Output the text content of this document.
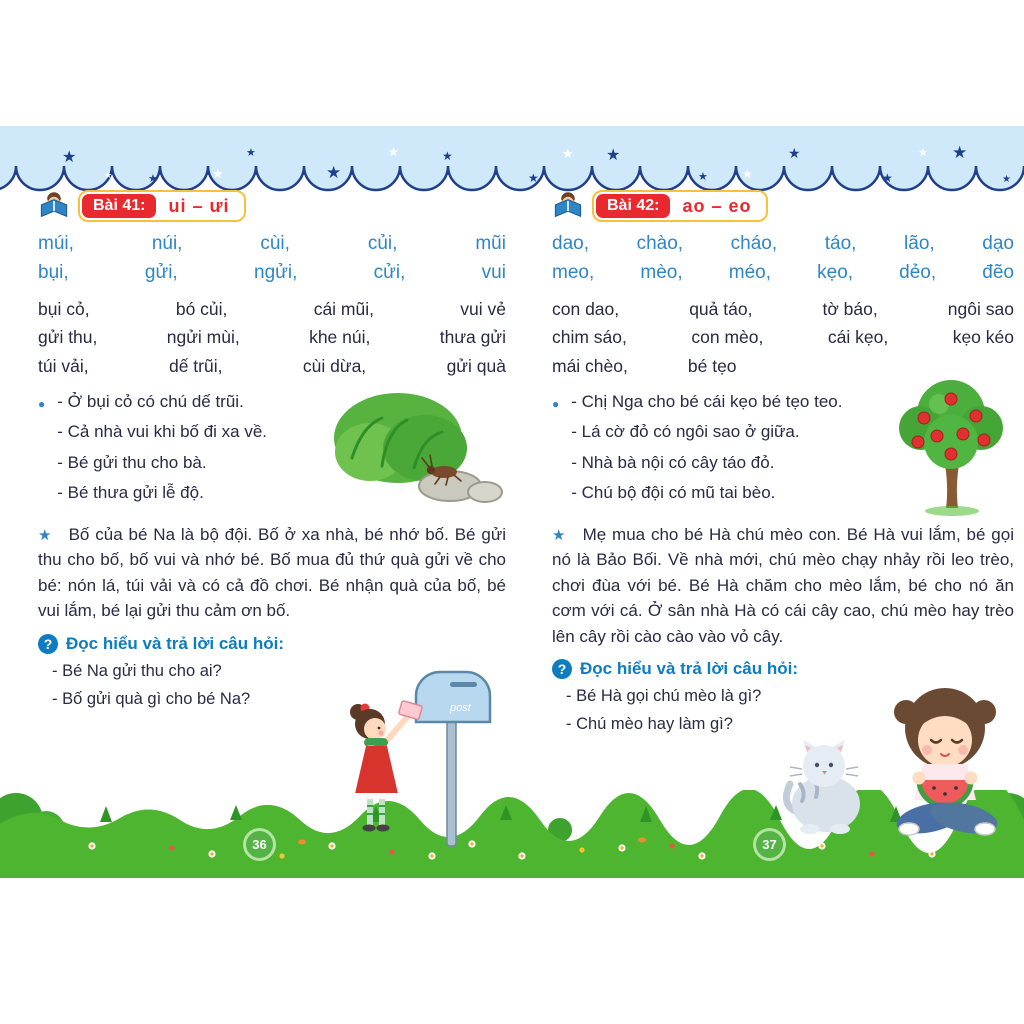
★
★
★
★
★
★
★
★
★
★
★
★
★	★
★	★
★
★
Bài 41:	ui – ưi
múi,	núi,	cùi,	củi,	mũi
bụi,	gửi,	ngửi,	cửi,	vui
bụi cỏ,	bó củi,	cái mũi,	vui vẻ
gửi thu,	ngửi mùi,	khe núi,	thưa gửi
túi vải,	dế trũi,	cùi dừa,	gửi quà
● - Ở bụi cỏ có chú dế trũi.

- Cả nhà vui khi bố đi xa về.

- Bé gửi thu cho bà.

- Bé thưa gửi lễ độ.

★ Bố của bé Na là bộ đội. Bố ở xa nhà, bé nhớ bố. Bé gửi thu cho bố, bố vui và nhớ bé. Bố mua đủ thứ quà gửi về cho bé: nón lá, túi vải và có cả đồ chơi. Bé nhận quà của bố, bé vui lắm, bé lại gửi thu cảm ơn bố.

? Đọc hiểu và trả lời câu hỏi:

- Bé Na gửi thu cho ai?

- Bố gửi quà gì cho bé Na?

Bài 42:	ao – eo
dao,	chào,	cháo,	táo,	lão,	dạo
meo, mèo, méo, kẹo, dẻo, đẽo
con dao,	quả táo,	tờ báo,	ngôi sao
chim sáo,	con mèo,	cái kẹo,	kẹo kéo
mái chèo,	bé tẹo
● - Chị Nga cho bé cái kẹo bé tẹo teo.

- Lá cờ đỏ có ngôi sao ở giữa.

- Nhà bà nội có cây táo đỏ.

- Chú bộ đội có mũ tai bèo.

★ Mẹ mua cho bé Hà chú mèo con. Bé Hà vui lắm, bé gọi nó là Bảo Bối. Về nhà mới, chú mèo chạy nhảy rồi leo trèo, chơi đùa với bé. Bé Hà chăm cho mèo lắm, bé cho nó ăn cơm với cá. Ở sân nhà Hà có cái cây cao, chú mèo hay trèo lên cây rồi cào cào vào vỏ cây.

? Đọc hiểu và trả lời câu hỏi:

- Bé Hà gọi chú mèo là gì?

- Chú mèo hay làm gì?

post
36	37
